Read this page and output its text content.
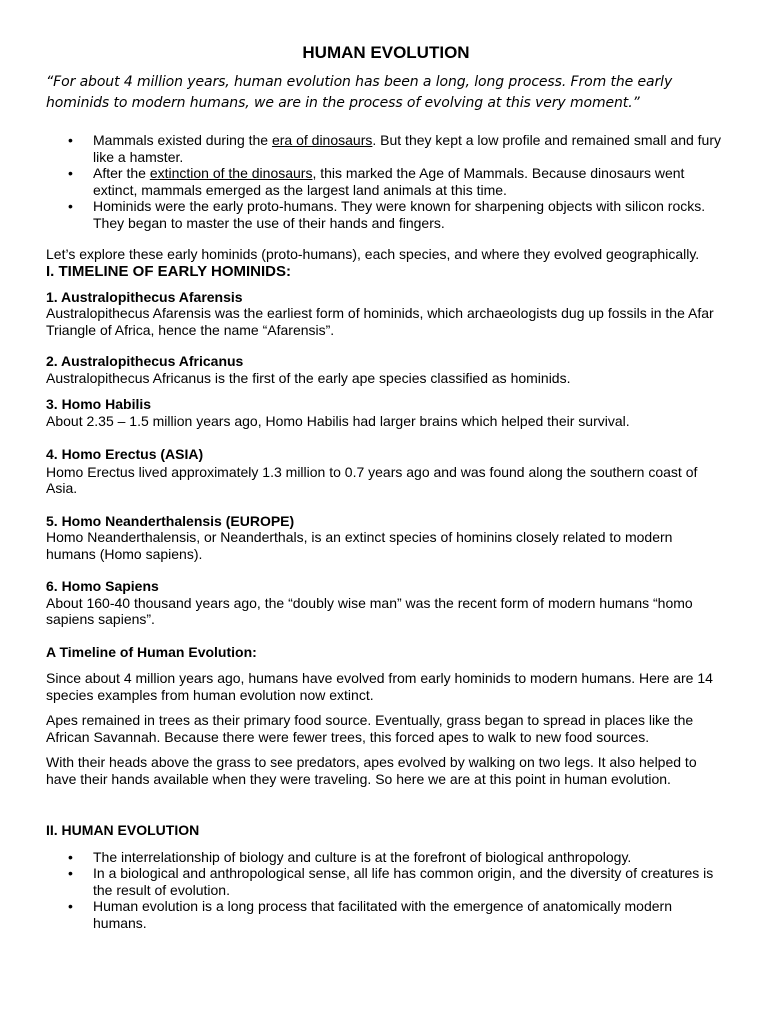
HUMAN EVOLUTION
“For about 4 million years, human evolution has been a long, long process. From the early hominids to modern humans, we are in the process of evolving at this very moment.”
• Mammals existed during the era of dinosaurs. But they kept a low profile and remained small and fury like a hamster.
• After the extinction of the dinosaurs, this marked the Age of Mammals. Because dinosaurs went extinct, mammals emerged as the largest land animals at this time.
• Hominids were the early proto-humans. They were known for sharpening objects with silicon rocks. They began to master the use of their hands and fingers.

Let’s explore these early hominids (proto-humans), each species, and where they evolved geographically.

I. TIMELINE OF EARLY HOMINIDS:
1. Australopithecus Afarensis
Australopithecus Afarensis was the earliest form of hominids, which archaeologists dug up fossils in the Afar Triangle of Africa, hence the name “Afarensis”.
2. Australopithecus Africanus
Australopithecus Africanus is the first of the early ape species classified as hominids.
3. Homo Habilis
About 2.35 – 1.5 million years ago, Homo Habilis had larger brains which helped their survival.
4. Homo Erectus (ASIA)
Homo Erectus lived approximately 1.3 million to 0.7 years ago and was found along the southern coast of Asia.
5. Homo Neanderthalensis (EUROPE)
Homo Neanderthalensis, or Neanderthals, is an extinct species of hominins closely related to modern humans (Homo sapiens).
6. Homo Sapiens
About 160-40 thousand years ago, the “doubly wise man” was the recent form of modern humans “homo sapiens sapiens”.
A Timeline of Human Evolution:

Since about 4 million years ago, humans have evolved from early hominids to modern humans. Here are 14 species examples from human evolution now extinct.

Apes remained in trees as their primary food source. Eventually, grass began to spread in places like the African Savannah. Because there were fewer trees, this forced apes to walk to new food sources.

With their heads above the grass to see predators, apes evolved by walking on two legs. It also helped to have their hands available when they were traveling. So here we are at this point in human evolution.

II. HUMAN EVOLUTION
• The interrelationship of biology and culture is at the forefront of biological anthropology.
• In a biological and anthropological sense, all life has common origin, and the diversity of creatures is the result of evolution.
• Human evolution is a long process that facilitated with the emergence of anatomically modern humans.
